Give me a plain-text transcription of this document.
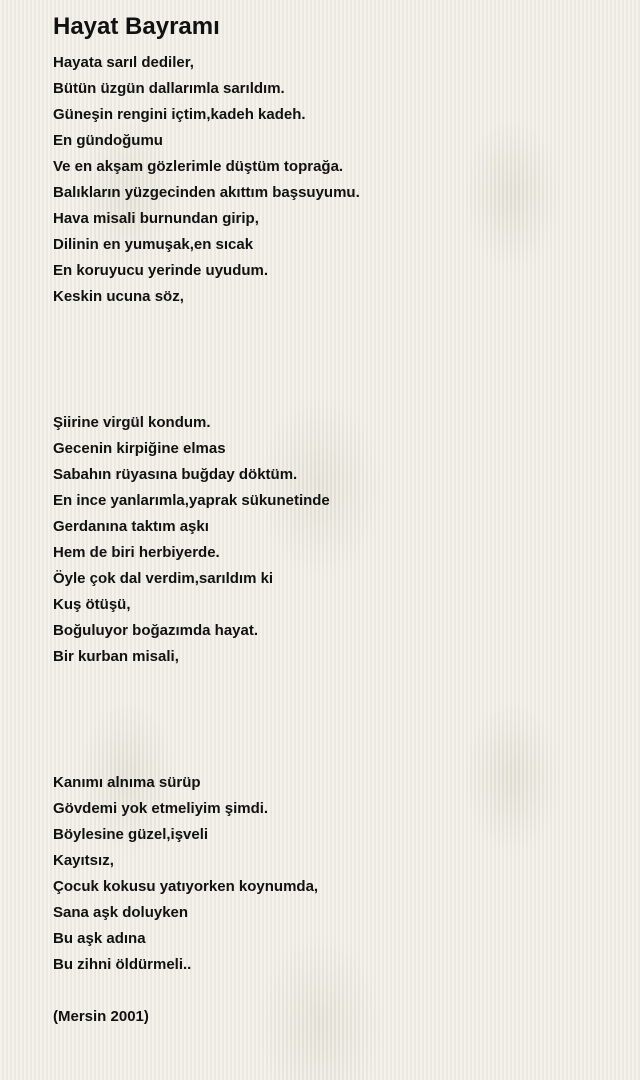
Hayat Bayramı
Hayata sarıl dediler,
Bütün üzgün dallarımla sarıldım.
Güneşin rengini içtim,kadeh kadeh.
En gündoğumu
Ve en akşam gözlerimle düştüm toprağa.
Balıkların yüzgecinden akıttım başsuyumu.
Hava misali burnundan girip,
Dilinin en yumuşak,en sıcak
En koruyucu yerinde uyudum.
Keskin ucuna söz,
Şiirine virgül kondum.
Gecenin kirpiğine elmas
Sabahın rüyasına buğday döktüm.
En ince yanlarımla,yaprak sükunetinde
Gerdanına taktım aşkı
Hem de biri herbiyerde.
Öyle çok dal verdim,sarıldım ki
Kuş ötüşü,
Boğuluyor boğazımda hayat.
Bir kurban misali,
Kanımı alnıma sürüp
Gövdemi yok etmeliyim şimdi.
Böylesine güzel,işveli
Kayıtsız,
Çocuk kokusu yatıyorken koynumda,
Sana aşk doluyken
Bu aşk adına
Bu zihni öldürmeli..
(Mersin 2001)
